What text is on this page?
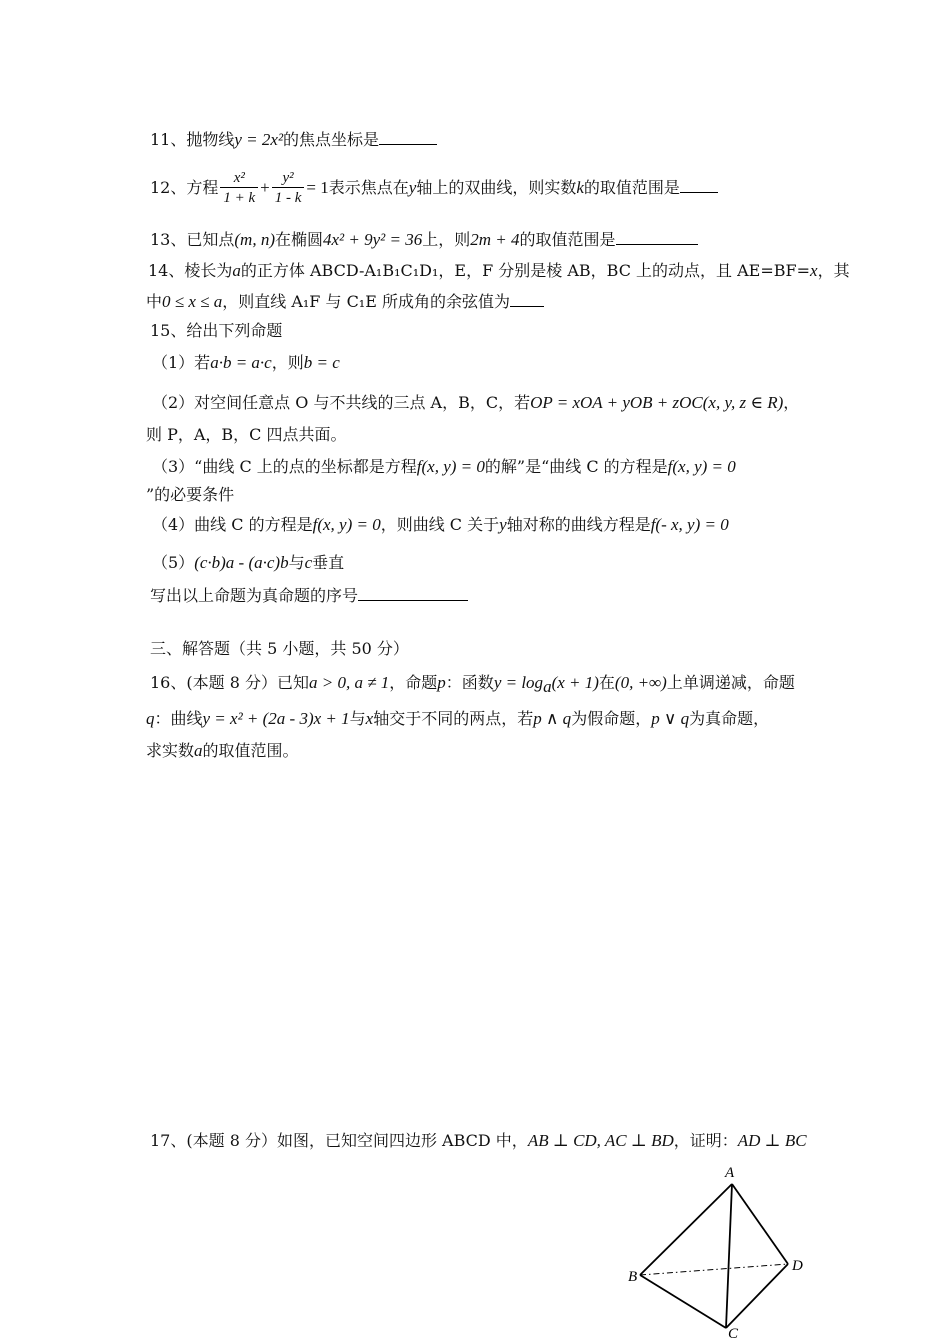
11、抛物线y = 2x²的焦点坐标是
12、方程 $\frac{\text{x²}}{1 + k} + \frac{\text{y²}}{1 - k} = 1$表示焦点在y轴上的双曲线，则实数k的取值范围是
13、已知点(m, n)在椭圆4x² + 9y² = 36上，则2m + 4的取值范围是
14、棱长为a的正方体 ABCD-A₁B₁C₁D₁，E，F 分别是棱 AB，BC 上的动点，且 AE=BF=x，其
中0 ≤ x ≤ a，则直线 A₁F 与 C₁E 所成角的余弦值为
15、给出下列命题
（1）若a·b = a·c，则b = c
（2）对空间任意点 O 与不共线的三点 A，B，C，若OP = xOA + yOB + zOC(x, y, z ∈ R)，
则 P，A，B，C 四点共面。
（3）“曲线 C 上的点的坐标都是方程f(x, y) = 0的解”是“曲线 C 的方程是f(x, y) = 0
”的必要条件
（4）曲线 C 的方程是f(x, y) = 0，则曲线 C 关于y轴对称的曲线方程是f(- x, y) = 0
（5）(c·b)a - (a·c)b与c垂直
写出以上命题为真命题的序号
三、解答题（共 5 小题，共 50 分）
16、(本题 8 分）已知a > 0, a ≠ 1，命题p：函数$y = \log_a(x + 1)$在(0, +∞)上单调递减，命题
q：曲线y = x² + (2a - 3)x + 1与x轴交于不同的两点，若p ∧ q为假命题，p ∨ q为真命题，
求实数a的取值范围。
17、(本题 8 分）如图，已知空间四边形 ABCD 中，AB ⊥ CD, AC ⊥ BD，证明：AD ⊥ BC
A
B
D
C
